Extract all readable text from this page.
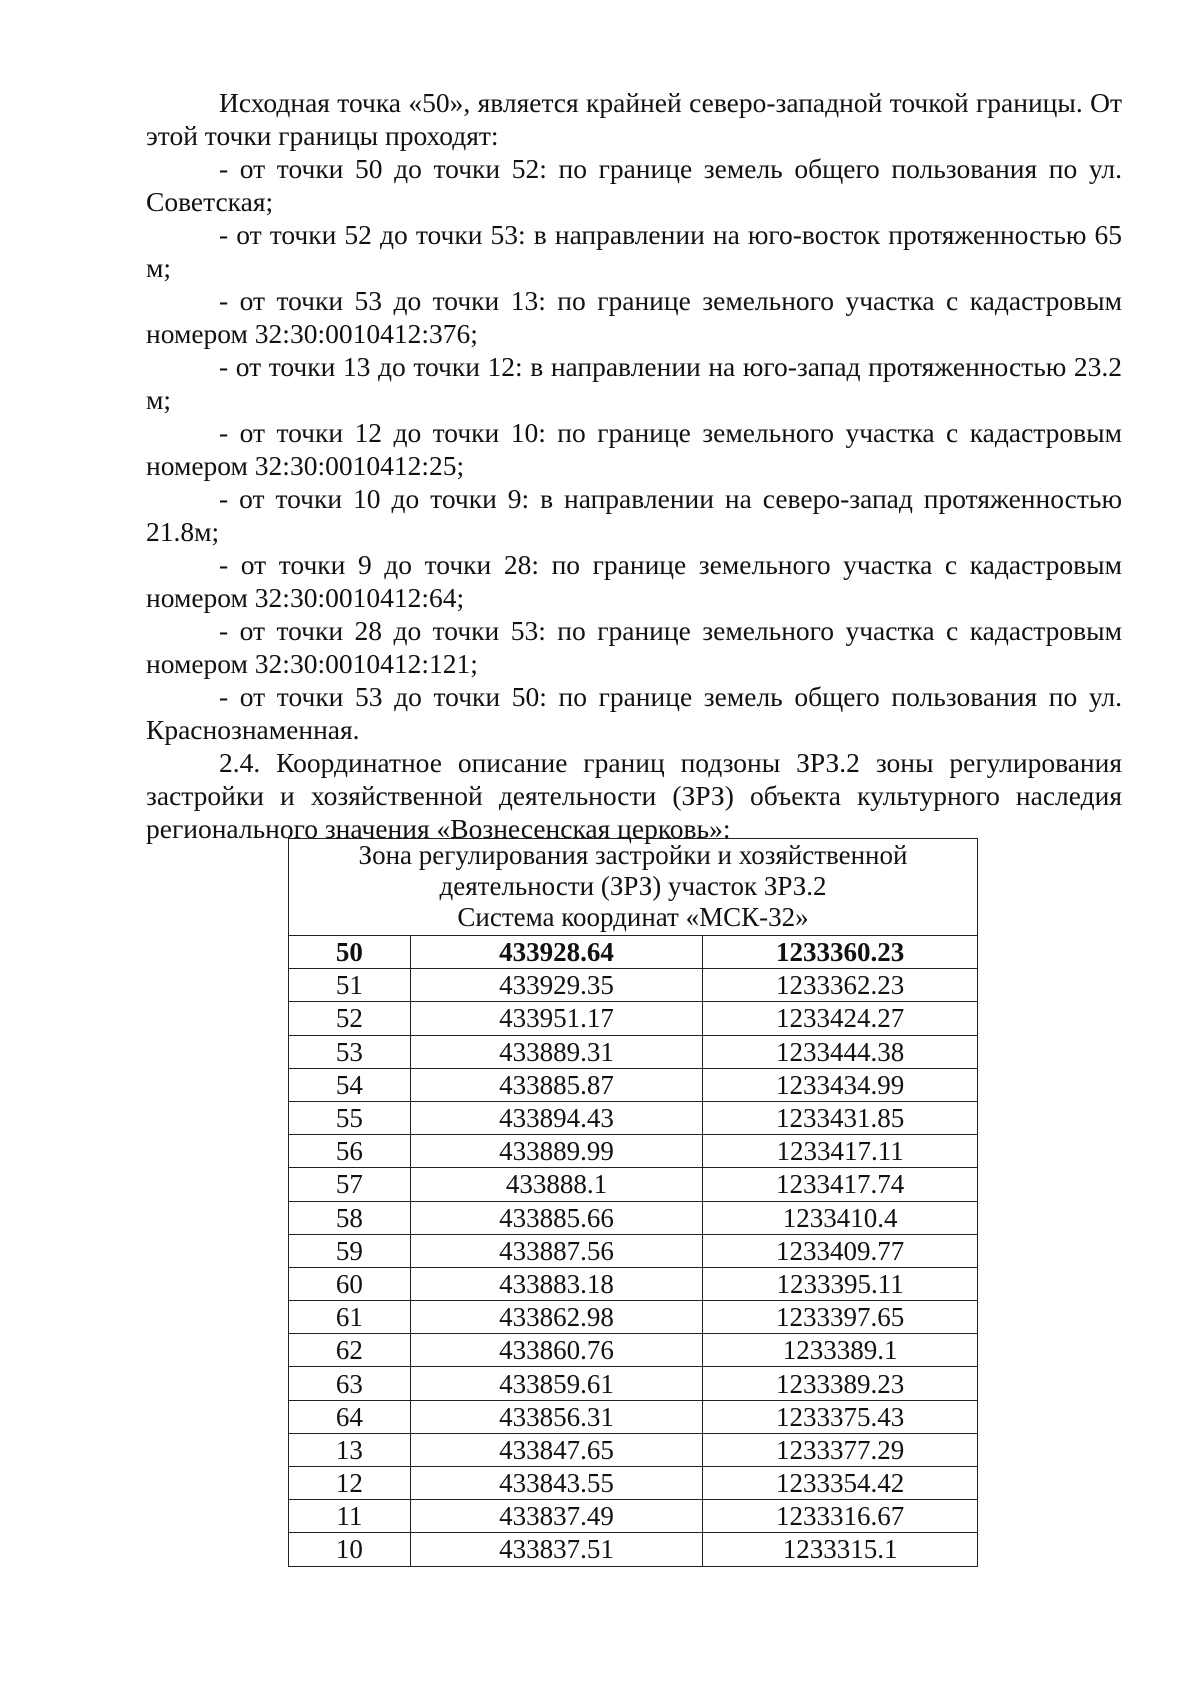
Исходная точка «50», является крайней северо-западной точкой границы. От этой точки границы проходят:

- от точки 50 до точки 52: по границе земель общего пользования по ул. Советская;

- от точки 52 до точки 53: в направлении на юго-восток протяженностью 65 м;

- от точки 53 до точки 13: по границе земельного участка с кадастровым номером 32:30:0010412:376;

- от точки 13 до точки 12: в направлении на юго-запад протяженностью 23.2 м;

- от точки 12 до точки 10: по границе земельного участка с кадастровым номером 32:30:0010412:25;

- от точки 10 до точки 9: в направлении на северо-запад протяженностью 21.8м;

- от точки 9 до точки 28: по границе земельного участка с кадастровым номером 32:30:0010412:64;

- от точки 28 до точки 53: по границе земельного участка с кадастровым номером 32:30:0010412:121;

- от точки 53 до точки 50: по границе земель общего пользования по ул. Краснознаменная.

2.4. Координатное описание границ подзоны ЗРЗ.2 зоны регулирования застройки и хозяйственной деятельности (ЗРЗ) объекта культурного наследия регионального значения «Вознесенская церковь»:

Зона регулирования застройки и хозяйственной
деятельности (ЗРЗ) участок ЗРЗ.2
Система координат «МСК-32»		

50	433928.64	1233360.23
51	433929.35	1233362.23
52	433951.17	1233424.27
53	433889.31	1233444.38
54	433885.87	1233434.99
55	433894.43	1233431.85
56	433889.99	1233417.11
57	433888.1	1233417.74
58	433885.66	1233410.4
59	433887.56	1233409.77
60	433883.18	1233395.11
61	433862.98	1233397.65
62	433860.76	1233389.1
63	433859.61	1233389.23
64	433856.31	1233375.43
13	433847.65	1233377.29
12	433843.55	1233354.42
11	433837.49	1233316.67
10	433837.51	1233315.1
